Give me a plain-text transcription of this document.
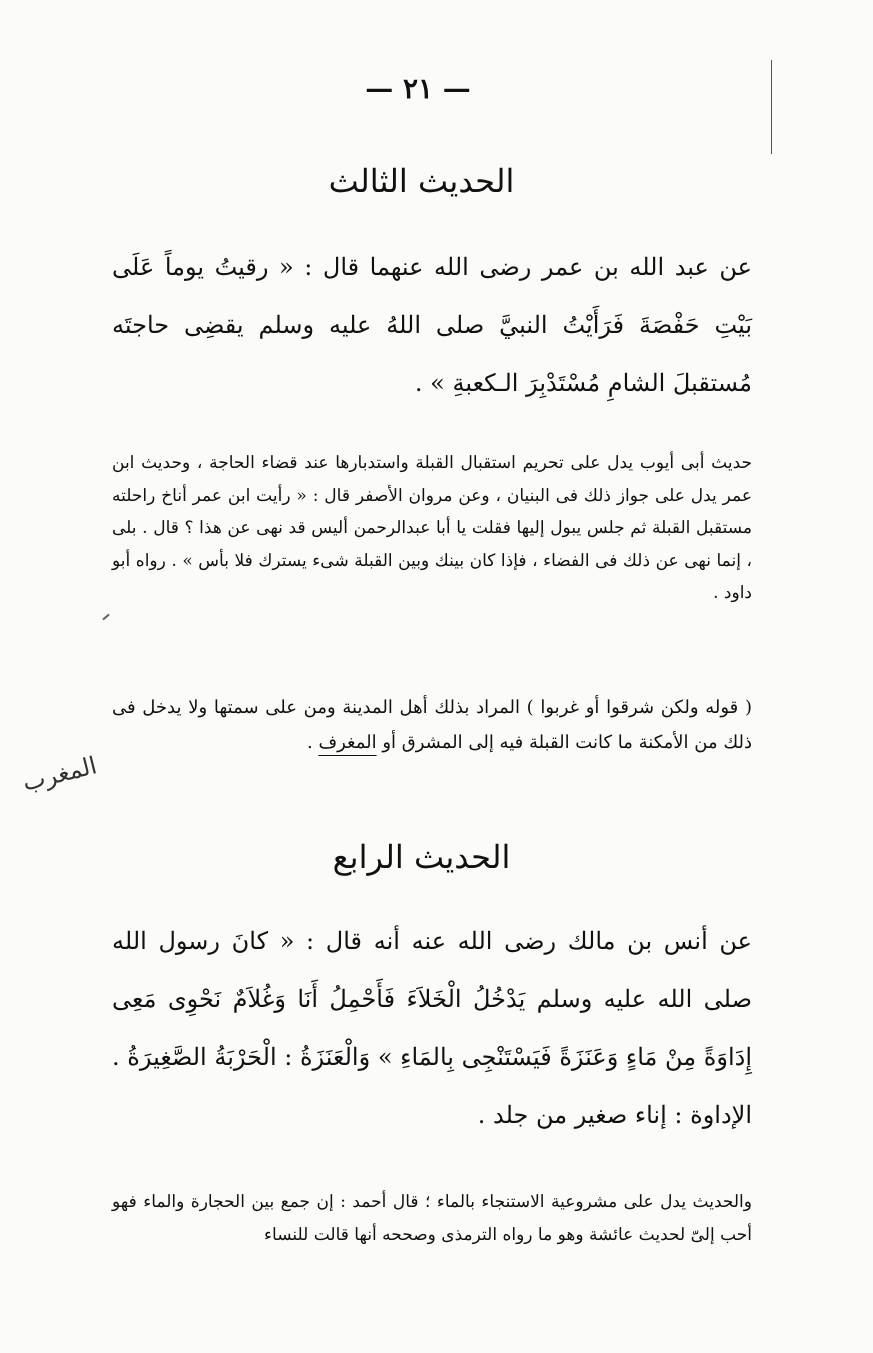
— ٢١ —
الحديث الثالث
عن عبد الله بن عمر رضى الله عنهما قال : « رقيتُ يوماً عَلَى بَيْتِ حَفْصَةَ فَرَأَيْتُ النبيَّ صلى اللهُ عليه وسلم يقضِى حاجتَه مُستقبلَ الشامِ مُسْتَدْبِرَ الـكعبةِ » .
حديث أبى أيوب يدل على تحريم استقبال القبلة واستدبارها عند قضاء الحاجة ، وحديث ابن عمر يدل على جواز ذلك فى البنيان ، وعن مروان الأصفر قال : « رأيت ابن عمر أناخ راحلته مستقبل القبلة ثم جلس يبول إليها فقلت يا أبا عبدالرحمن أليس قد نهى عن هذا ؟ قال . بلى ، إنما نهى عن ذلك فى الفضاء ، فإذا كان بينك وبين القبلة شىء يسترك فلا بأس » . رواه أبو داود .
( قوله ولكن شرقوا أو غربوا ) المراد بذلك أهل المدينة ومن على سمتها ولا يدخل فى ذلك من الأمكنة ما كانت القبلة فيه إلى المشرق أو المغرف .
المغرب
الحديث الرابع
عن أنس بن مالك رضى الله عنه أنه قال : « كانَ رسول الله صلى الله عليه وسلم يَدْخُلُ الْخَلاَءَ فَأَحْمِلُ أَنَا وَغُلاَمٌ نَحْوِى مَعِى إِدَاوَةً مِنْ مَاءٍ وَعَنَزَةً فَيَسْتَنْجِى بِالمَاءِ » وَالْعَنَزَةُ : الْحَرْبَةُ الصَّغِيرَةُ . الإداوة : إناء صغير من جلد .
والحديث يدل على مشروعية الاستنجاء بالماء ؛ قال أحمد : إن جمع بين الحجارة والماء فهو أحب إلىّ لحديث عائشة وهو ما رواه الترمذى وصححه أنها قالت للنساء
